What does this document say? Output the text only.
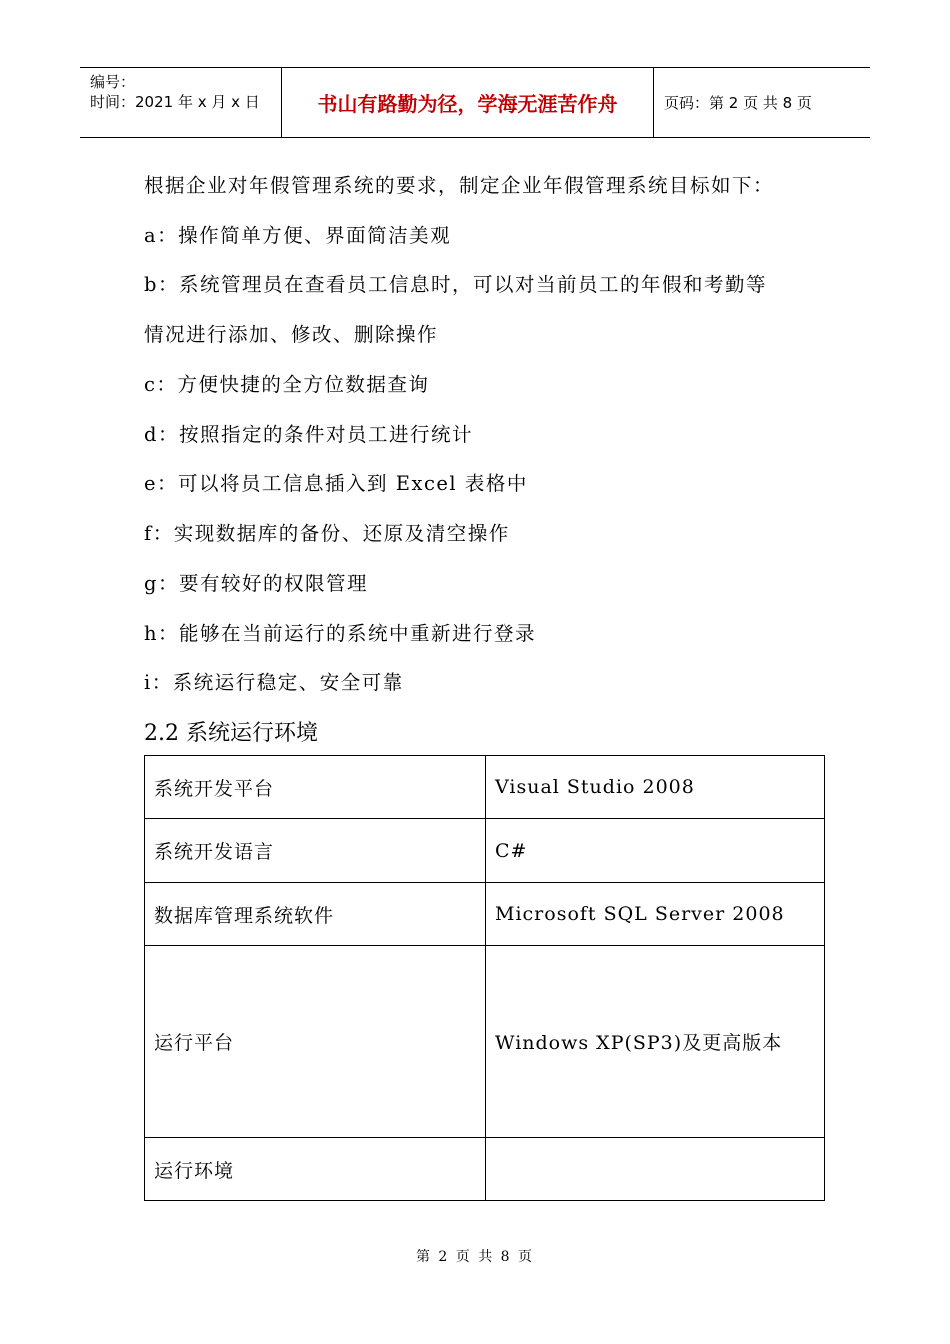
编号：
时间：2021 年 x 月 x 日	书山有路勤为径，学海无涯苦作舟	页码：第 2 页 共 8 页
根据企业对年假管理系统的要求，制定企业年假管理系统目标如下：
a：操作简单方便、界面简洁美观
b：系统管理员在查看员工信息时，可以对当前员工的年假和考勤等
情况进行添加、修改、删除操作
c：方便快捷的全方位数据查询
d：按照指定的条件对员工进行统计
e：可以将员工信息插入到 Excel 表格中
f：实现数据库的备份、还原及清空操作
g：要有较好的权限管理
h：能够在当前运行的系统中重新进行登录
i：系统运行稳定、安全可靠
2.2 系统运行环境
系统开发平台	Visual Studio 2008
系统开发语言	C#
数据库管理系统软件	Microsoft SQL Server 2008
运行平台	Windows XP(SP3)及更高版本
运行环境	
第 2 页 共 8 页
